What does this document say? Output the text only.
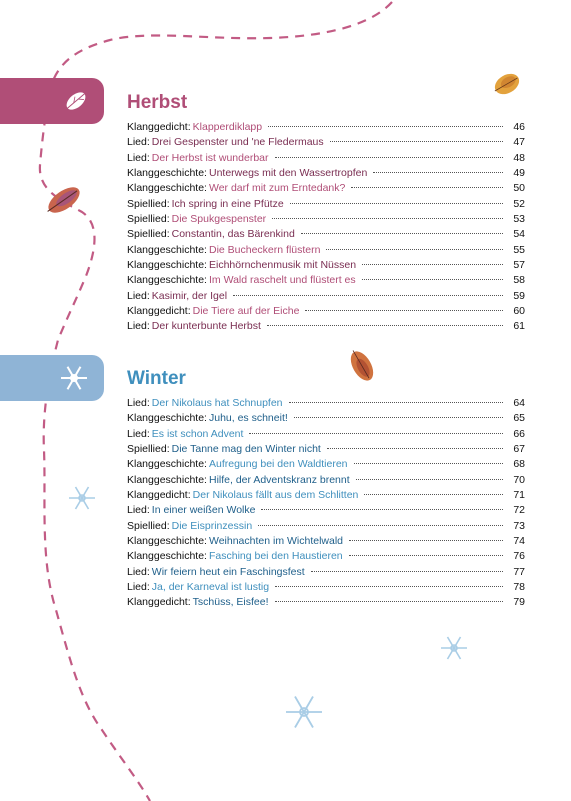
Herbst
Klanggedicht: Klapperdiklapp	46
Lied: Drei Gespenster und 'ne Fledermaus	47
Lied: Der Herbst ist wunderbar	48
Klanggeschichte: Unterwegs mit den Wassertropfen	49
Klanggeschichte: Wer darf mit zum Erntedank?	50
Spiellied: Ich spring in eine Pfütze	52
Spiellied: Die Spukgespenster	53
Spiellied: Constantin, das Bärenkind	54
Klanggeschichte: Die Bucheckern flüstern	55
Klanggeschichte: Eichhörnchenmusik mit Nüssen	57
Klanggeschichte: Im Wald raschelt und flüstert es	58
Lied: Kasimir, der Igel	59
Klanggedicht: Die Tiere auf der Eiche	60
Lied: Der kunterbunte Herbst	61
Winter
Lied: Der Nikolaus hat Schnupfen	64
Klanggeschichte: Juhu, es schneit!	65
Lied: Es ist schon Advent	66
Spiellied: Die Tanne mag den Winter nicht	67
Klanggeschichte: Aufregung bei den Waldtieren	68
Klanggeschichte: Hilfe, der Adventskranz brennt	70
Klanggedicht: Der Nikolaus fällt aus dem Schlitten	71
Lied: In einer weißen Wolke	72
Spiellied: Die Eisprinzessin	73
Klanggeschichte: Weihnachten im Wichtelwald	74
Klanggeschichte: Fasching bei den Haustieren	76
Lied: Wir feiern heut ein Faschingsfest	77
Lied: Ja, der Karneval ist lustig	78
Klanggedicht: Tschüss, Eisfee!	79
